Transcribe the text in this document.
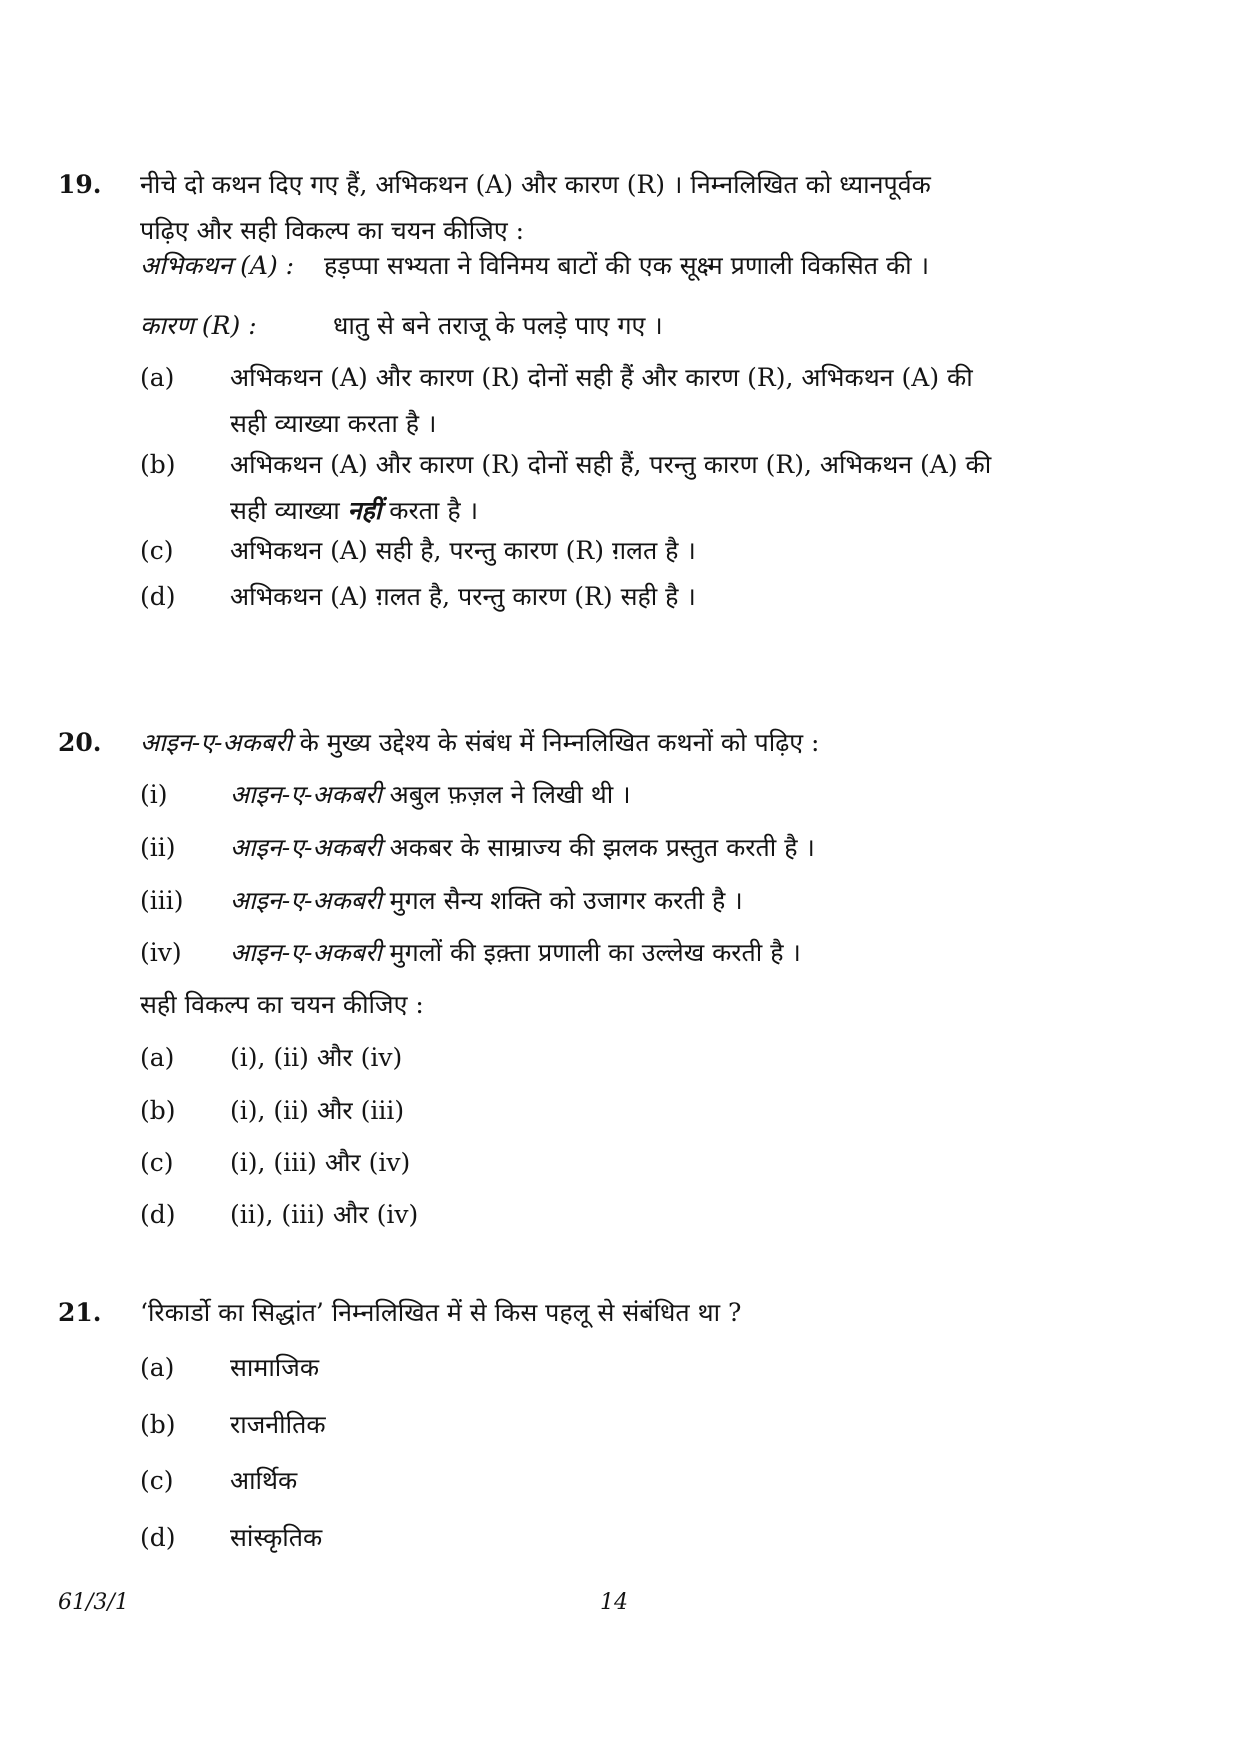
19. नीचे दो कथन दिए गए हैं, अभिकथन (A) और कारण (R) । निम्नलिखित को ध्यानपूर्वक
पढ़िए और सही विकल्प का चयन कीजिए :
अभिकथन (A) : हड़प्पा सभ्यता ने विनिमय बाटों की एक सूक्ष्म प्रणाली विकसित की ।
कारण (R) :	धातु से बने तराजू के पलड़े पाए गए ।
(a) अभिकथन (A) और कारण (R) दोनों सही हैं और कारण (R), अभिकथन (A) की
सही व्याख्या करता है ।
(b) अभिकथन (A) और कारण (R) दोनों सही हैं, परन्तु कारण (R), अभिकथन (A) की
सही व्याख्या नहीं करता है ।
(c) अभिकथन (A) सही है, परन्तु कारण (R) ग़लत है ।
(d) अभिकथन (A) ग़लत है, परन्तु कारण (R) सही है ।
20. आइन-ए-अकबरी के मुख्य उद्देश्य के संबंध में निम्नलिखित कथनों को पढ़िए :
(i) आइन-ए-अकबरी अबुल फ़ज़ल ने लिखी थी ।
(ii) आइन-ए-अकबरी अकबर के साम्राज्य की झलक प्रस्तुत करती है ।
(iii) आइन-ए-अकबरी मुगल सैन्य शक्ति को उजागर करती है ।
(iv) आइन-ए-अकबरी मुगलों की इक़्ता प्रणाली का उल्लेख करती है ।
सही विकल्प का चयन कीजिए :
(a) (i), (ii) और (iv)
(b) (i), (ii) और (iii)
(c) (i), (iii) और (iv)
(d) (ii), (iii) और (iv)
21. ‘रिकार्डो का सिद्धांत’ निम्नलिखित में से किस पहलू से संबंधित था ?
(a) सामाजिक
(b) राजनीतिक
(c) आर्थिक
(d) सांस्कृतिक
61/3/1	14
